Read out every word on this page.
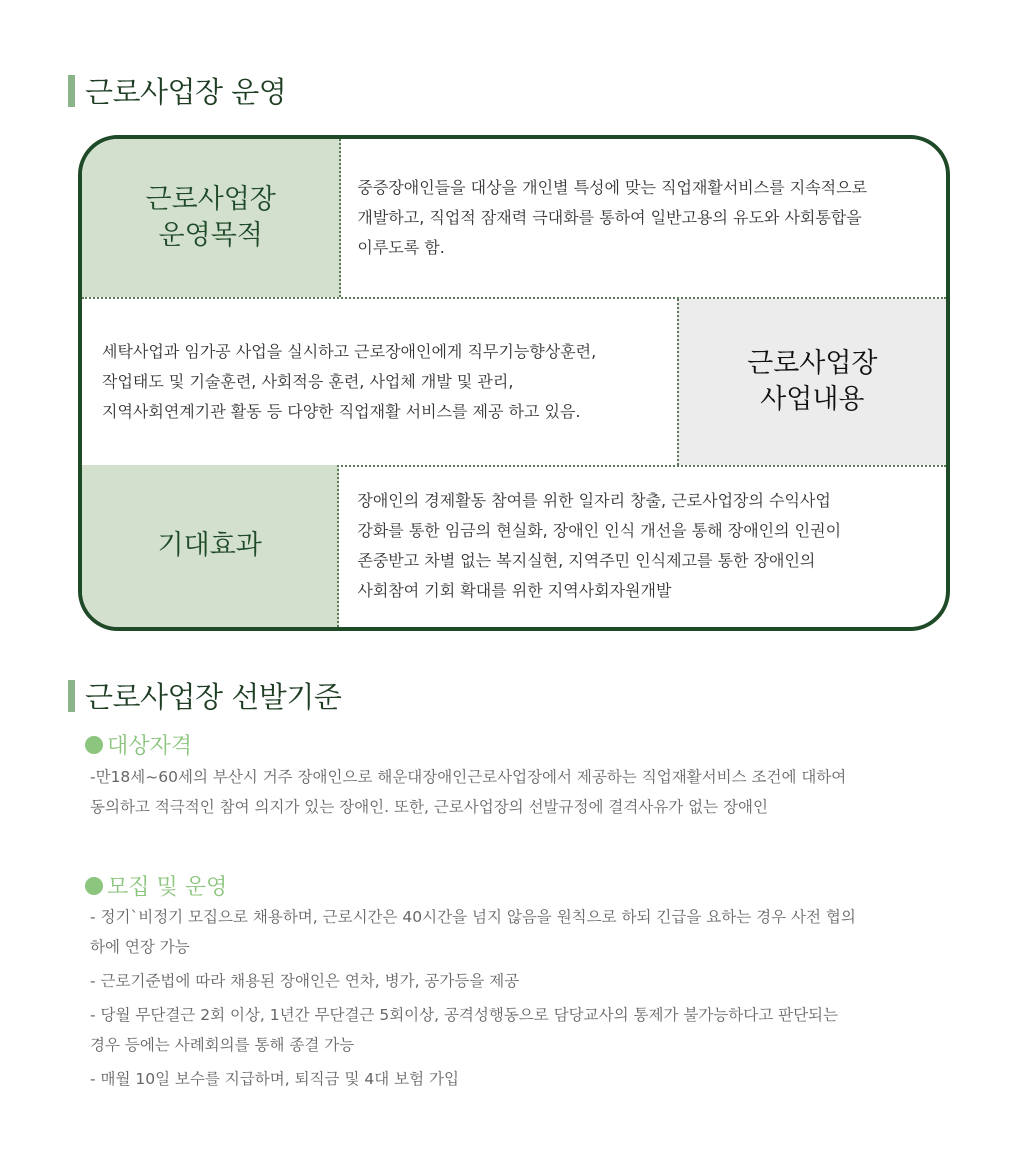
근로사업장 운영
근로사업장
운영목적
중증장애인들을 대상을 개인별 특성에 맞는 직업재활서비스를 지속적으로
개발하고, 직업적 잠재력 극대화를 통하여 일반고용의 유도와 사회통합을
이루도록 함.
세탁사업과 임가공 사업을 실시하고 근로장애인에게 직무기능향상훈련,
작업태도 및 기술훈련, 사회적응 훈련, 사업체 개발 및 관리,
지역사회연계기관 활동 등 다양한 직업재활 서비스를 제공 하고 있음.
근로사업장
사업내용
기대효과
장애인의 경제활동 참여를 위한 일자리 창출, 근로사업장의 수익사업
강화를 통한 임금의 현실화, 장애인 인식 개선을 통해 장애인의 인권이
존중받고 차별 없는 복지실현, 지역주민 인식제고를 통한 장애인의
사회참여 기회 확대를 위한 지역사회자원개발
근로사업장 선발기준
대상자격
-만18세~60세의 부산시 거주 장애인으로 해운대장애인근로사업장에서 제공하는 직업재활서비스 조건에 대하여
동의하고 적극적인 참여 의지가 있는 장애인. 또한, 근로사업장의 선발규정에 결격사유가 없는 장애인
모집 및 운영
- 정기`비정기 모집으로 채용하며, 근로시간은 40시간을 넘지 않음을 원칙으로 하되 긴급을 요하는 경우 사전 협의
하에 연장 가능
- 근로기준법에 따라 채용된 장애인은 연차, 병가, 공가등을 제공
- 당월 무단결근 2회 이상, 1년간 무단결근 5회이상, 공격성행동으로 담당교사의 통제가 불가능하다고 판단되는
경우 등에는 사례회의를 통해 종결 가능
- 매월 10일 보수를 지급하며, 퇴직금 및 4대 보험 가입
